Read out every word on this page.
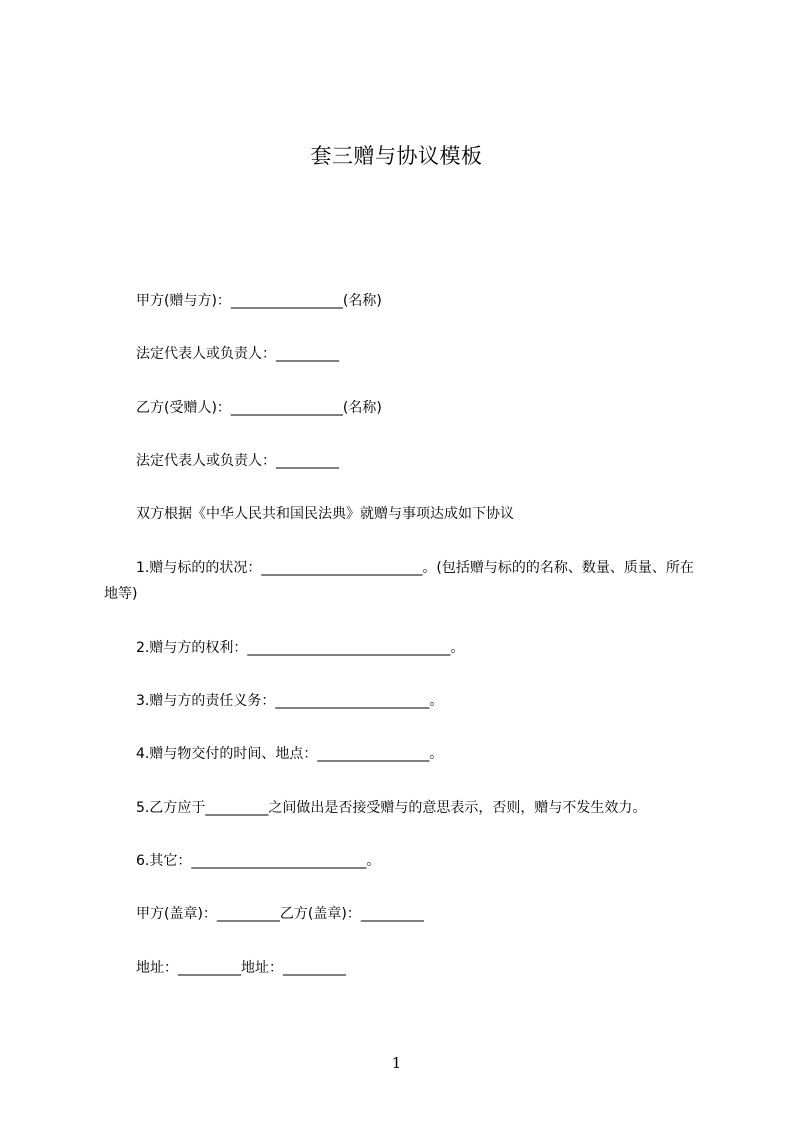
套三赠与协议模板
甲方(赠与方)：________________(名称)
法定代表人或负责人：_________
乙方(受赠人)：________________(名称)
法定代表人或负责人：_________
双方根据《中华人民共和国民法典》就赠与事项达成如下协议
1.赠与标的的状况：_______________________。(包括赠与标的的名称、数量、质量、所在地等)
2.赠与方的权利：_____________________________。
3.赠与方的责任义务：______________________。
4.赠与物交付的时间、地点：________________。
5.乙方应于_________之间做出是否接受赠与的意思表示，否则，赠与不发生效力。
6.其它：_________________________。
甲方(盖章)：_________乙方(盖章)：_________
地址：_________地址：_________
1
